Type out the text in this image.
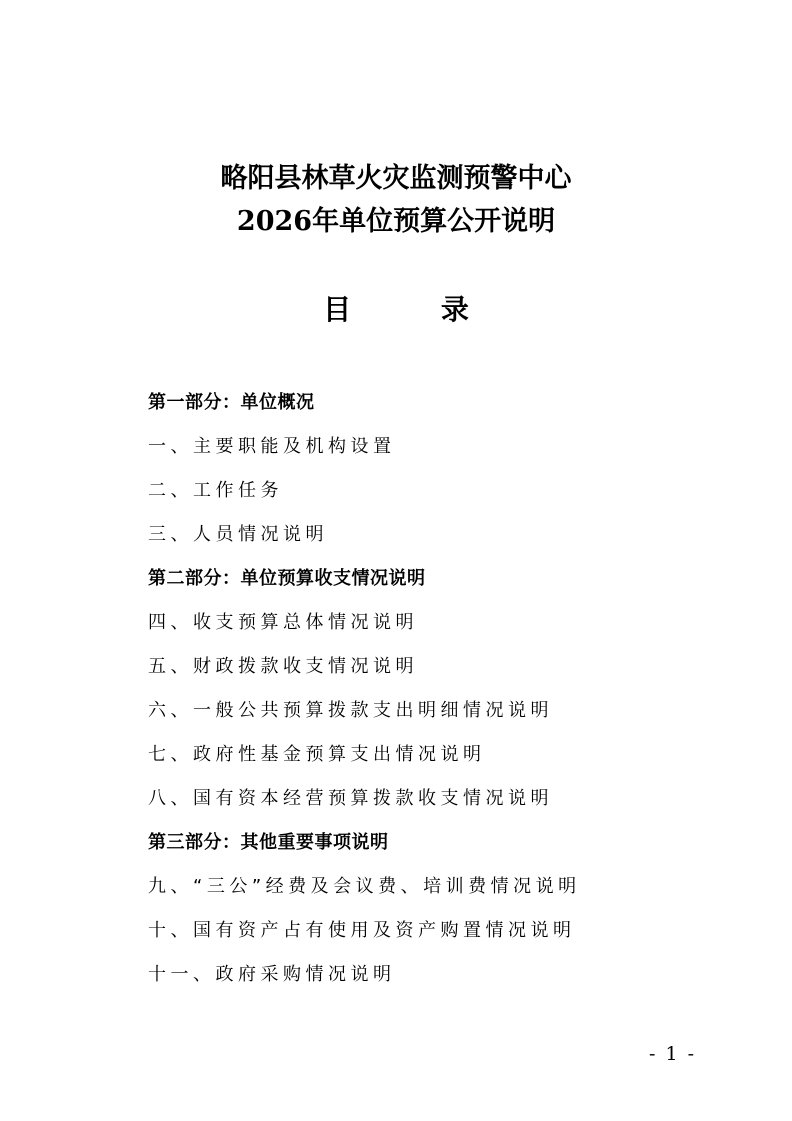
略阳县林草火灾监测预警中心
2026年单位预算公开说明
目 录
第一部分：单位概况
一、主要职能及机构设置
二、工作任务
三、人员情况说明
第二部分：单位预算收支情况说明
四、收支预算总体情况说明
五、财政拨款收支情况说明
六、一般公共预算拨款支出明细情况说明
七、政府性基金预算支出情况说明
八、国有资本经营预算拨款收支情况说明
第三部分：其他重要事项说明
九、“三公”经费及会议费、培训费情况说明
十、国有资产占有使用及资产购置情况说明
十一、政府采购情况说明
- 1 -
